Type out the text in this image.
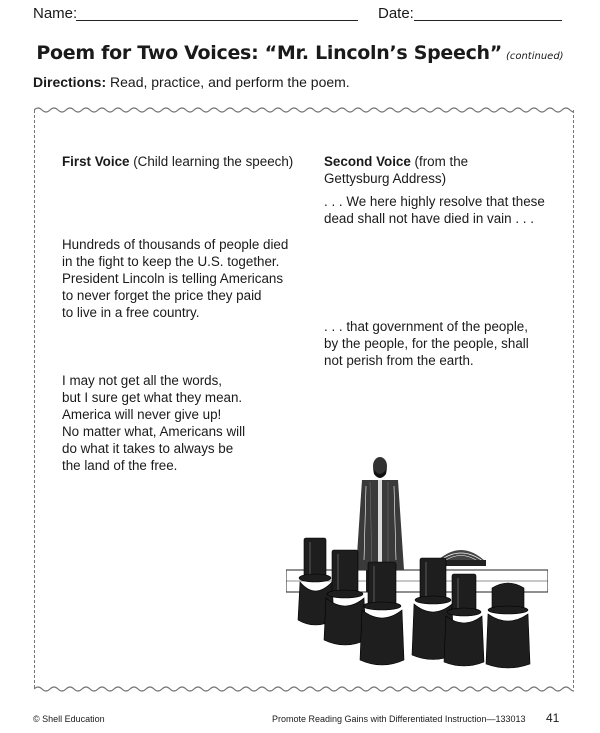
Name:	Date:
Poem for Two Voices: “Mr. Lincoln’s Speech” (continued)
Directions: Read, practice, and perform the poem.
First Voice (Child learning the speech)
Hundreds of thousands of people died
in the fight to keep the U.S. together.
President Lincoln is telling Americans
to never forget the price they paid
to live in a free country.
I may not get all the words,
but I sure get what they mean.
America will never give up!
No matter what, Americans will
do what it takes to always be
the land of the free.
Second Voice (from the
Gettysburg Address)
. . . We here highly resolve that these
dead shall not have died in vain . . .
. . . that government of the people,
by the people, for the people, shall
not perish from the earth.
© Shell Education	Promote Reading Gains with Differentiated Instruction—133013 41
